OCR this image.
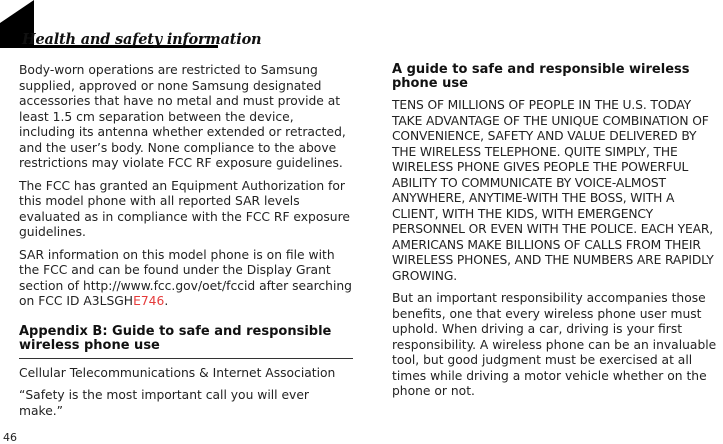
Health and safety information

Body-worn operations are restricted to Samsung supplied, approved or none Samsung designated accessories that have no metal and must provide at least 1.5 cm separation between the device, including its antenna whether extended or retracted, and the user’s body. None compliance to the above restrictions may violate FCC RF exposure guidelines.

The FCC has granted an Equipment Authorization for this model phone with all reported SAR levels evaluated as in compliance with the FCC RF exposure guidelines.

SAR information on this model phone is on file with the FCC and can be found under the Display Grant section of http://www.fcc.gov/oet/fccid after searching on FCC ID A3LSGHE746.

Appendix B: Guide to safe and responsible wireless phone use

Cellular Telecommunications & Internet Association

“Safety is the most important call you will ever make.”

A guide to safe and responsible wireless phone use

TENS OF MILLIONS OF PEOPLE IN THE U.S. TODAY TAKE ADVANTAGE OF THE UNIQUE COMBINATION OF CONVENIENCE, SAFETY AND VALUE DELIVERED BY THE WIRELESS TELEPHONE. QUITE SIMPLY, THE WIRELESS PHONE GIVES PEOPLE THE POWERFUL ABILITY TO COMMUNICATE BY VOICE-ALMOST ANYWHERE, ANYTIME-WITH THE BOSS, WITH A CLIENT, WITH THE KIDS, WITH EMERGENCY PERSONNEL OR EVEN WITH THE POLICE. EACH YEAR, AMERICANS MAKE BILLIONS OF CALLS FROM THEIR WIRELESS PHONES, AND THE NUMBERS ARE RAPIDLY GROWING.

But an important responsibility accompanies those benefits, one that every wireless phone user must uphold. When driving a car, driving is your first responsibility. A wireless phone can be an invaluable tool, but good judgment must be exercised at all times while driving a motor vehicle whether on the phone or not.

46
